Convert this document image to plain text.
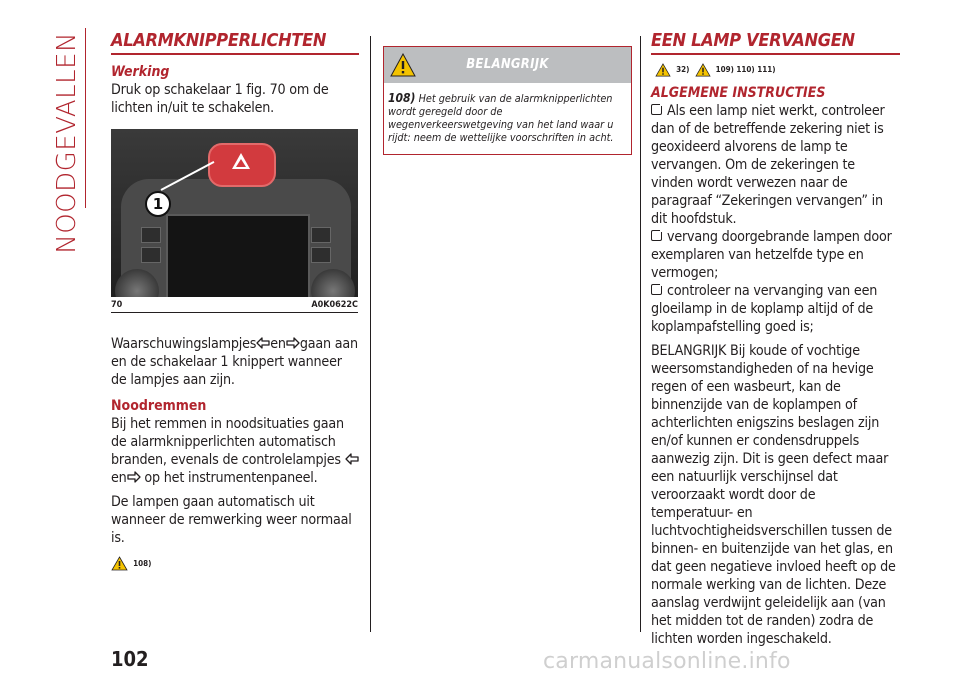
NOODGEVALLEN ALARMKNIPPERLICHTEN
Werking

Druk op schakelaar 1 fig. 70 om de lichten in/uit te schakelen.

1
70	A0K0622C

Waarschuwingslampjes en gaan aan en de schakelaar 1 knippert wanneer de lampjes aan zijn.

Noodremmen

Bij het remmen in noodsituaties gaan de alarmknipperlichten automatisch branden, evenals de controlelampjes en op het instrumentenpaneel.

De lampen gaan automatisch uit wanneer de remwerking weer normaal is.

108)
BELANGRIJK
108) Het gebruik van de alarmknipperlichten wordt geregeld door de wegenverkeerswetgeving van het land waar u rijdt: neem de wettelijke voorschriften in acht.
EEN LAMP VERVANGEN
32)	109) 110) 111)
ALGEMENE INSTRUCTIES

Als een lamp niet werkt, controleer dan of de betreffende zekering niet is geoxideerd alvorens de lamp te vervangen. Om de zekeringen te vinden wordt verwezen naar de paragraaf “Zekeringen vervangen” in dit hoofdstuk.

vervang doorgebrande lampen door exemplaren van hetzelfde type en vermogen;

controleer na vervanging van een gloeilamp in de koplamp altijd of de koplampafstelling goed is;

BELANGRIJK Bij koude of vochtige weersomstandigheden of na hevige regen of een wasbeurt, kan de binnenzijde van de koplampen of achterlichten enigszins beslagen zijn en/of kunnen er condensdruppels aanwezig zijn. Dit is geen defect maar een natuurlijk verschijnsel dat veroorzaakt wordt door de temperatuur- en luchtvochtigheidsverschillen tussen de binnen- en buitenzijde van het glas, en dat geen negatieve invloed heeft op de normale werking van de lichten. Deze aanslag verdwijnt geleidelijk aan (van het midden tot de randen) zodra de lichten worden ingeschakeld.

102	carmanualsonline.info
